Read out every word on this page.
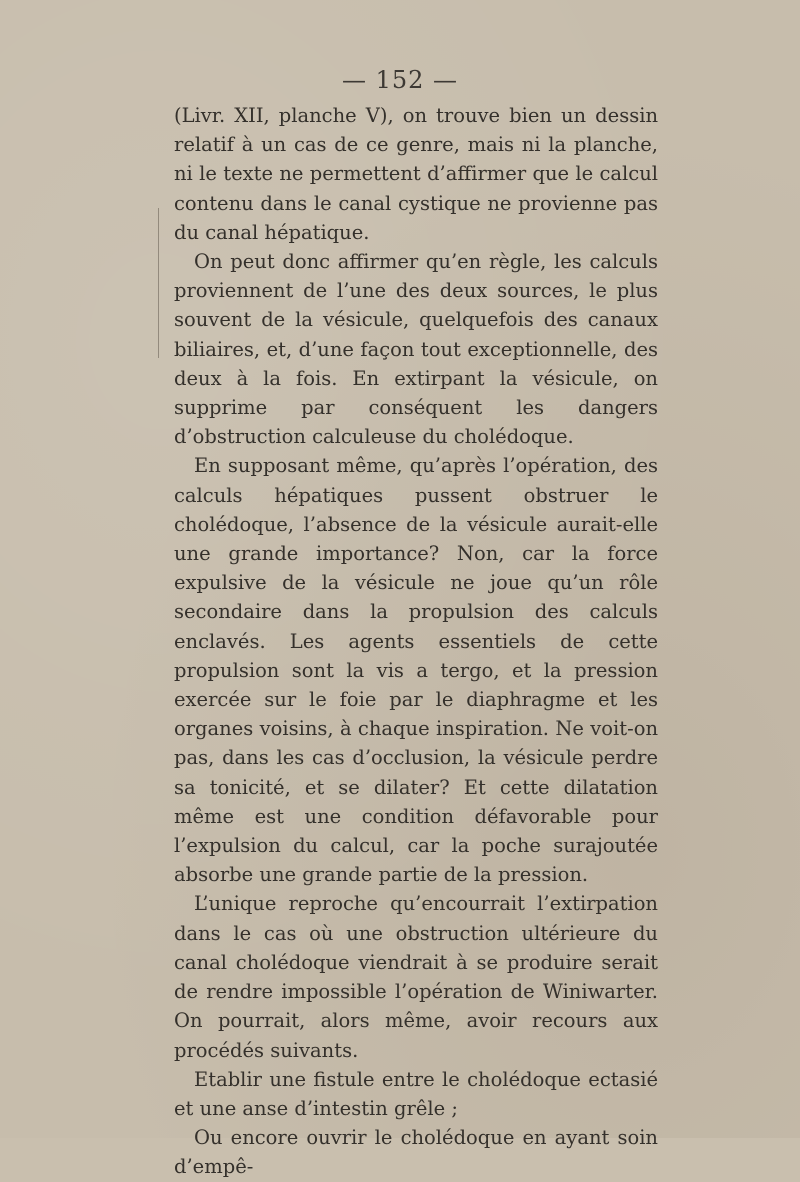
— 152 —

(Livr. XII, planche V), on trouve bien un dessin relatif à un cas de ce genre, mais ni la planche, ni le texte ne permettent d’affirmer que le calcul contenu dans le canal cystique ne provienne pas du canal hépatique.

On peut donc affirmer qu’en règle, les calculs proviennent de l’une des deux sources, le plus souvent de la vésicule, quelquefois des canaux biliaires, et, d’une façon tout exceptionnelle, des deux à la fois. En extirpant la vésicule, on supprime par conséquent les dangers d’obstruction calculeuse du cholédoque.

En supposant même, qu’après l’opération, des calculs hépatiques pussent obstruer le cholédoque, l’absence de la vésicule aurait-elle une grande importance? Non, car la force expulsive de la vésicule ne joue qu’un rôle secondaire dans la propulsion des calculs enclavés. Les agents essentiels de cette propulsion sont la vis a tergo, et la pression exercée sur le foie par le diaphragme et les organes voisins, à chaque inspiration. Ne voit-on pas, dans les cas d’occlusion, la vésicule perdre sa tonicité, et se dilater? Et cette dilatation même est une condition défavorable pour l’expulsion du calcul, car la poche surajoutée absorbe une grande partie de la pression.

L’unique reproche qu’encourrait l’extirpation dans le cas où une obstruction ultérieure du canal cholédoque viendrait à se produire serait de rendre impossible l’opération de Winiwarter. On pourrait, alors même, avoir recours aux procédés suivants.

Etablir une fistule entre le cholédoque ectasié et une anse d’intestin grêle ;

Ou encore ouvrir le cholédoque en ayant soin d’empê-
